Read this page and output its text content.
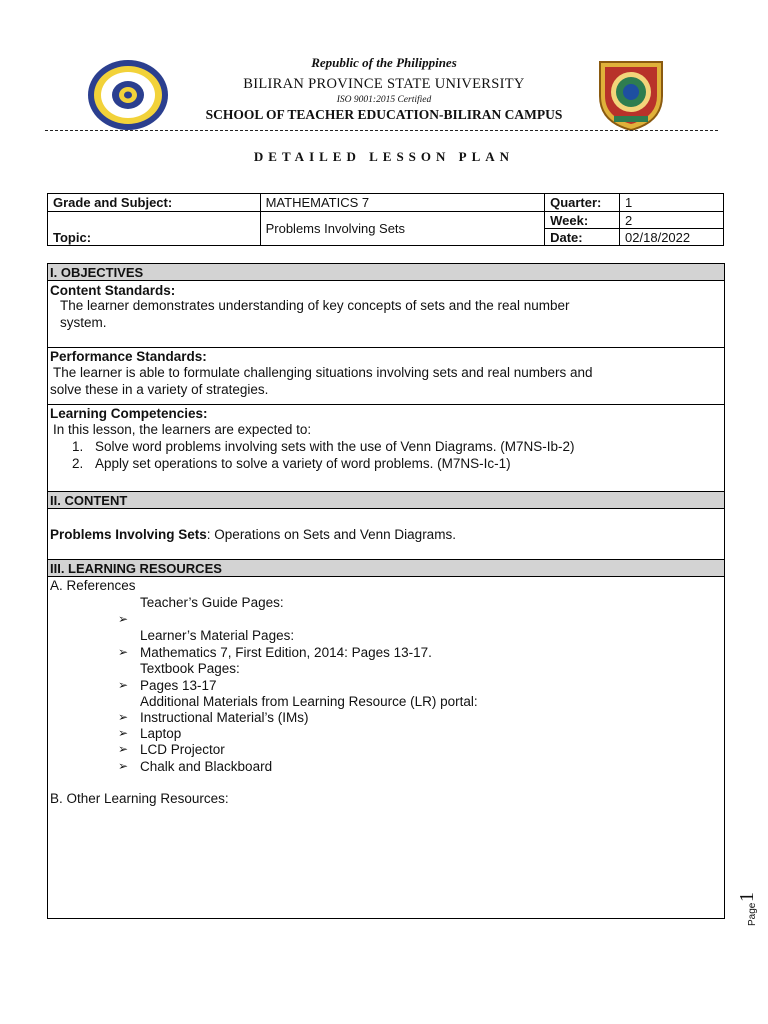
Republic of the Philippines
BILIRAN PROVINCE STATE UNIVERSITY
ISO 9001:2015 Certified
SCHOOL OF TEACHER EDUCATION-BILIRAN CAMPUS
DETAILED LESSON PLAN
Grade and Subject:	MATHEMATICS 7	Quarter:	1
Topic:	Problems Involving Sets	Week:	2
		Date:	02/18/2022
I. OBJECTIVES
Content Standards:
The learner demonstrates understanding of key concepts of sets and the real number
system.
Performance Standards:
The learner is able to formulate challenging situations involving sets and real numbers and
solve these in a variety of strategies.
Learning Competencies:
In this lesson, the learners are expected to:
1. Solve word problems involving sets with the use of Venn Diagrams. (M7NS-Ib-2)
2. Apply set operations to solve a variety of word problems. (M7NS-Ic-1)
II. CONTENT
Problems Involving Sets: Operations on Sets and Venn Diagrams.
III. LEARNING RESOURCES
A. References
Teacher’s Guide Pages:
➢
Learner’s Material Pages:
➢ Mathematics 7, First Edition, 2014: Pages 13-17.
Textbook Pages:
➢ Pages 13-17
Additional Materials from Learning Resource (LR) portal:
➢ Instructional Material’s (IMs)
➢ Laptop
➢ LCD Projector
➢ Chalk and Blackboard
B. Other Learning Resources:
Page
1
